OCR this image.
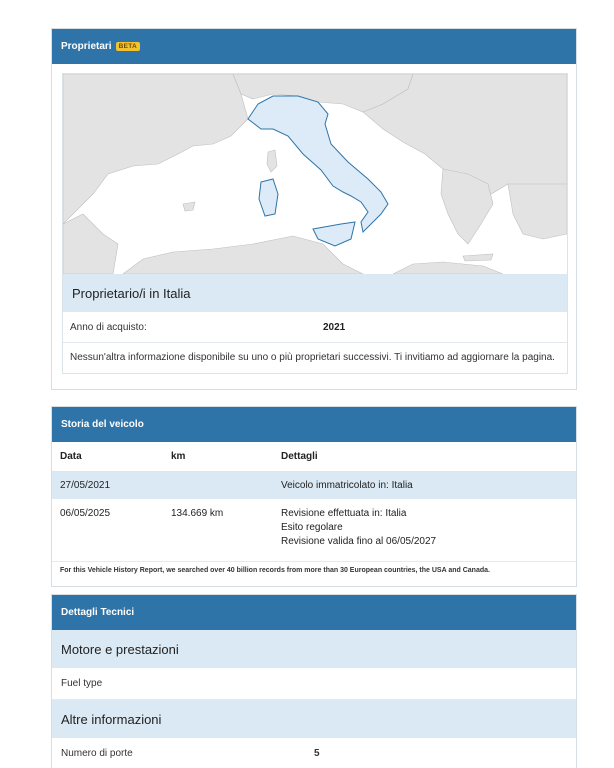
Proprietari	BETA
Proprietario/i in Italia
Anno di acquisto:	2021
Nessun'altra informazione disponibile su uno o più proprietari successivi. Ti invitiamo ad aggiornare la pagina.
Storia del veicolo
Data	km	Dettagli
27/05/2021		Veicolo immatricolato in: Italia
06/05/2025	134.669 km	Revisione effettuata in: Italia
Esito regolare
Revisione valida fino al 06/05/2027
For this Vehicle History Report, we searched over 40 billion records from more than 30 European countries, the USA and Canada.
Dettagli Tecnici
Motore e prestazioni
Fuel type
Altre informazioni
Numero di porte	5
